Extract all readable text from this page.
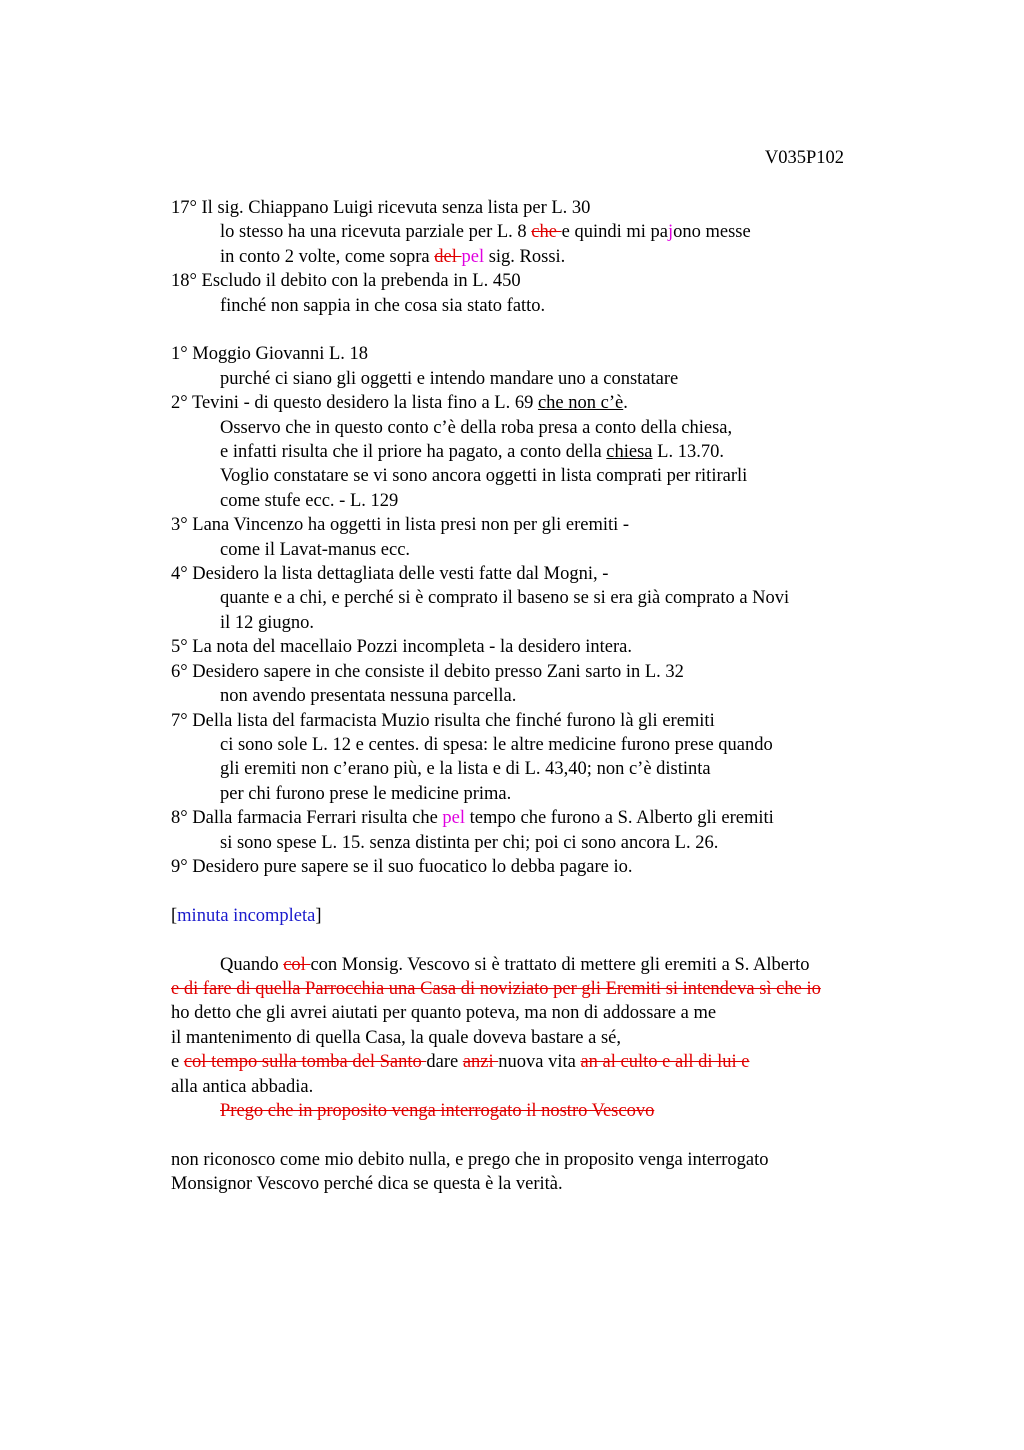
V035P102
17° Il sig. Chiappano Luigi ricevuta senza lista per L. 30
lo stesso ha una ricevuta parziale per L. 8 che e quindi mi pajono messe
in conto 2 volte, come sopra del pel sig. Rossi.
18° Escludo il debito con la prebenda in L. 450
finché non sappia in che cosa sia stato fatto.
1° Moggio Giovanni L. 18
purché ci siano gli oggetti e intendo mandare uno a constatare
2° Tevini - di questo desidero la lista fino a L. 69 che non c’è.
Osservo che in questo conto c’è della roba presa a conto della chiesa,
e infatti risulta che il priore ha pagato, a conto della chiesa L. 13.70.
Voglio constatare se vi sono ancora oggetti in lista comprati per ritirarli
come stufe ecc. - L. 129
3° Lana Vincenzo ha oggetti in lista presi non per gli eremiti -
come il Lavat-manus ecc.
4° Desidero la lista dettagliata delle vesti fatte dal Mogni, -
quante e a chi, e perché si è comprato il baseno se si era già comprato a Novi
il 12 giugno.
5° La nota del macellaio Pozzi incompleta - la desidero intera.
6° Desidero sapere in che consiste il debito presso Zani sarto in L. 32
non avendo presentata nessuna parcella.
7° Della lista del farmacista Muzio risulta che finché furono là gli eremiti
ci sono sole L. 12 e centes. di spesa: le altre medicine furono prese quando
gli eremiti non c’erano più, e la lista e di L. 43,40; non c’è distinta
per chi furono prese le medicine prima.
8° Dalla farmacia Ferrari risulta che pel tempo che furono a S. Alberto gli eremiti
si sono spese L. 15. senza distinta per chi; poi ci sono ancora L. 26.
9° Desidero pure sapere se il suo fuocatico lo debba pagare io.
[minuta incompleta]
Quando col con Monsig. Vescovo si è trattato di mettere gli eremiti a S. Alberto
e di fare di quella Parrocchia una Casa di noviziato per gli Eremiti si intendeva sì che io
ho detto che gli avrei aiutati per quanto poteva, ma non di addossare a me
il mantenimento di quella Casa, la quale doveva bastare a sé,
e col tempo sulla tomba del Santo dare anzi nuova vita an al culto e all di lui e
alla antica abbadia.
Prego che in proposito venga interrogato il nostro Vescovo
non riconosco come mio debito nulla, e prego che in proposito venga interrogato
Monsignor Vescovo perché dica se questa è la verità.
